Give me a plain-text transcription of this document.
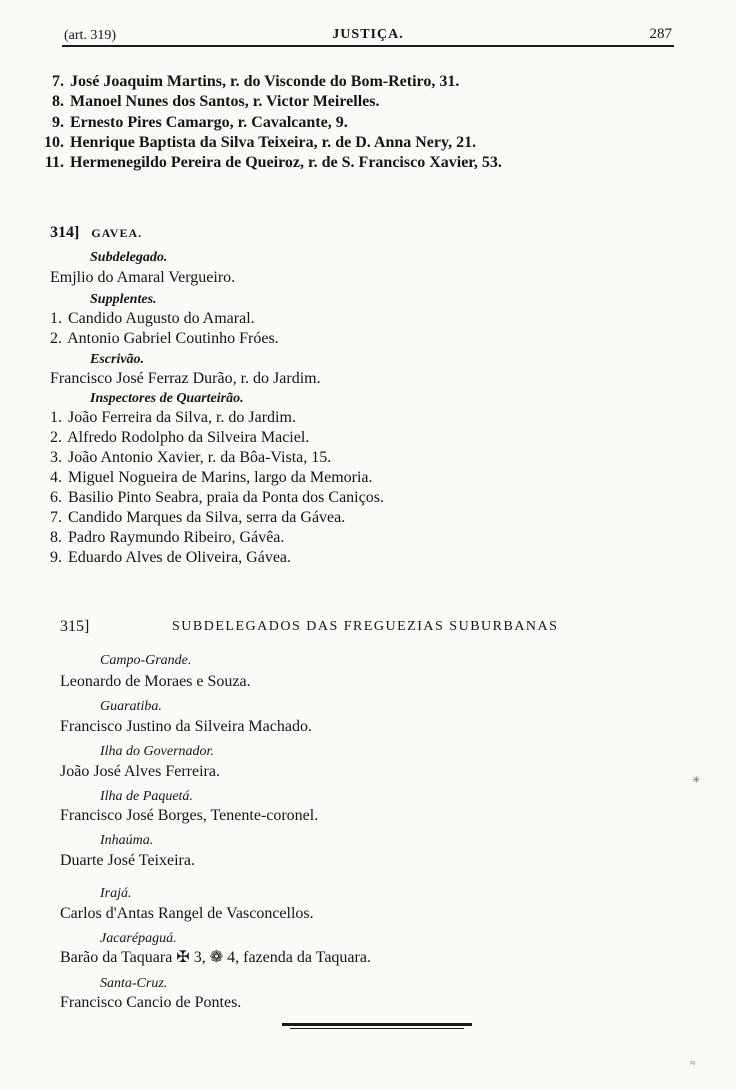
(art. 319)	JUSTIÇA.	287
7. José Joaquim Martins, r. do Visconde do Bom-Retiro, 31.
8. Manoel Nunes dos Santos, r. Victor Meirelles.
9. Ernesto Pires Camargo, r. Cavalcante, 9.
10. Henrique Baptista da Silva Teixeira, r. de D. Anna Nery, 21.
11. Hermenegildo Pereira de Queiroz, r. de S. Francisco Xavier, 53.
314] GAVEA.
Subdelegado.
Emjlio do Amaral Vergueiro.
Supplentes.
1. Candido Augusto do Amaral.
2. Antonio Gabriel Coutinho Fróes.
Escrivão.
Francisco José Ferraz Durão, r. do Jardim.
Inspectores de Quarteirão.
1. João Ferreira da Silva, r. do Jardim.
2. Alfredo Rodolpho da Silveira Maciel.
3. João Antonio Xavier, r. da Bôa-Vista, 15.
4. Miguel Nogueira de Marins, largo da Memoria.
6. Basilio Pinto Seabra, praia da Ponta dos Caniços.
7. Candido Marques da Silva, serra da Gávea.
8. Padro Raymundo Ribeiro, Gávêa.
9. Eduardo Alves de Oliveira, Gávea.
315]	SUBDELEGADOS DAS FREGUEZIAS SUBURBANAS
Campo-Grande.
Leonardo de Moraes e Souza.
Guaratiba.
Francisco Justino da Silveira Machado.
Ilha do Governador.
João José Alves Ferreira.
Ilha de Paquetá.
Francisco José Borges, Tenente-coronel.
Inhaúma.
Duarte José Teixeira.
Irajá.
Carlos d'Antas Rangel de Vasconcellos.
Jacarépaguá.
Barão da Taquara ✠ 3, ❁ 4, fazenda da Taquara.
Santa-Cruz.
Francisco Cancio de Pontes.
✳
≈
